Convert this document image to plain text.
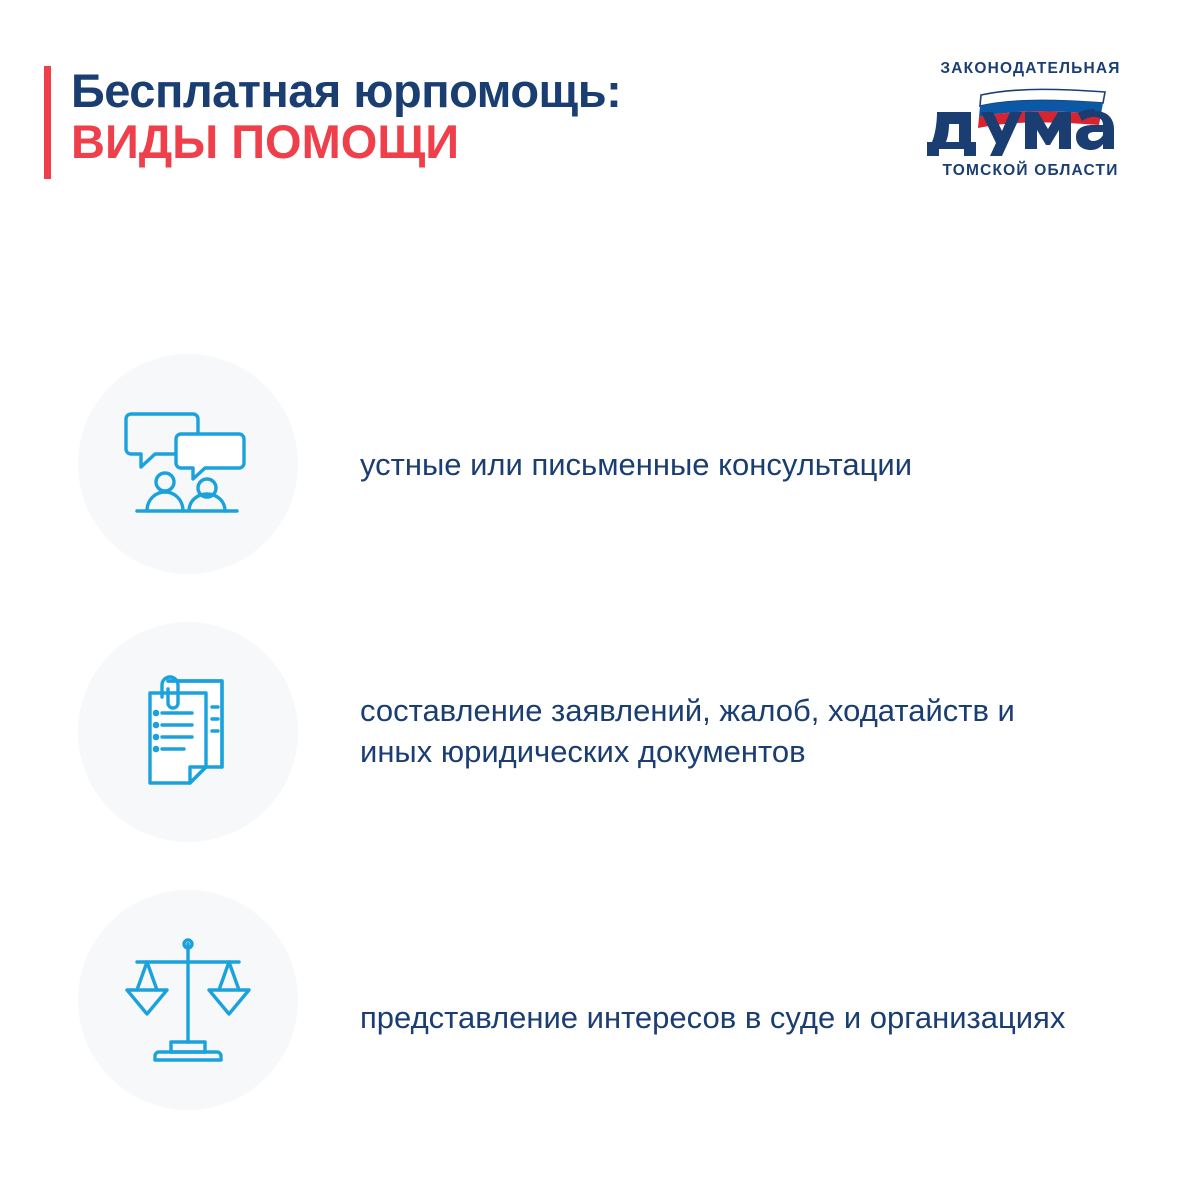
Бесплатная юрпомощь:
ВИДЫ ПОМОЩИ
ЗАКОНОДАТЕЛЬНАЯ
ТОМСКОЙ ОБЛАСТИ
устные или письменные консультации
составление заявлений, жалоб, ходатайств и иных юридических документов
представление интересов в суде и организациях
